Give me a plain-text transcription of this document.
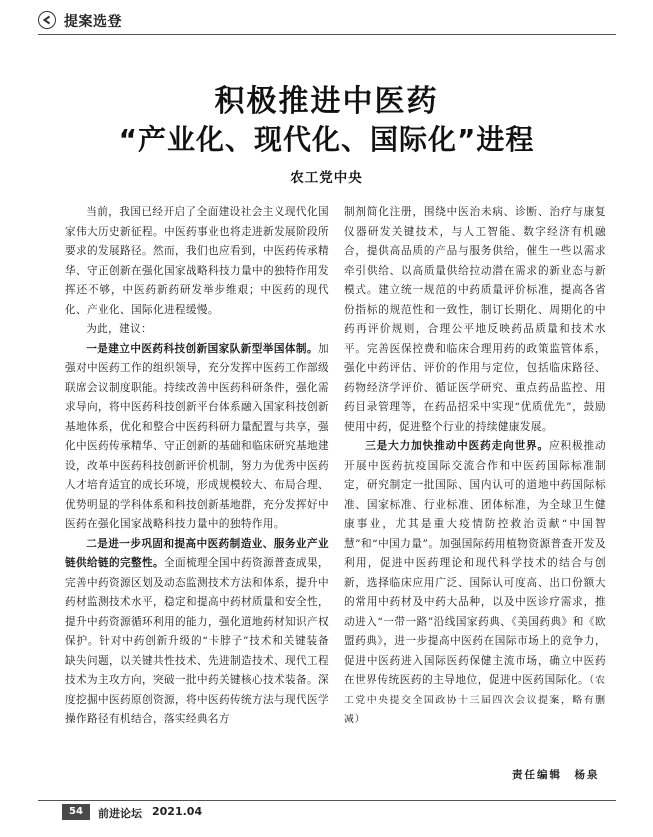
提案选登
积极推进中医药
“产业化、现代化、国际化”进程
农工党中央

当前，我国已经开启了全面建设社会主义现代化国家伟大历史新征程。中医药事业也将走进新发展阶段所要求的发展路径。然而，我们也应看到，中医药传承精华、守正创新在强化国家战略科技力量中的独特作用发挥还不够，中医药新药研发举步维艰；中医药的现代化、产业化、国际化进程缓慢。

为此，建议：

一是建立中医药科技创新国家队新型举国体制。加强对中医药工作的组织领导，充分发挥中医药工作部级联席会议制度职能。持续改善中医药科研条件，强化需求导向，将中医药科技创新平台体系融入国家科技创新基地体系，优化和整合中医药科研力量配置与共享，强化中医药传承精华、守正创新的基础和临床研究基地建设，改革中医药科技创新评价机制，努力为优秀中医药人才培育适宜的成长环境，形成规模较大、布局合理、优势明显的学科体系和科技创新基地群，充分发挥好中医药在强化国家战略科技力量中的独特作用。

二是进一步巩固和提高中医药制造业、服务业产业链供给链的完整性。全面梳理全国中药资源普查成果，完善中药资源区划及动态监测技术方法和体系，提升中药材监测技术水平，稳定和提高中药材质量和安全性，提升中药资源循环利用的能力，强化道地药材知识产权保护。针对中药创新升级的“卡脖子”技术和关键装备缺失问题，以关键共性技术、先进制造技术、现代工程技术为主攻方向，突破一批中药关键核心技术装备。深度挖掘中医药原创资源，将中医药传统方法与现代医学操作路径有机结合，落实经典名方

制剂简化注册，围绕中医治未病、诊断、治疗与康复仪器研发关键技术，与人工智能、数字经济有机融合，提供高品质的产品与服务供给，催生一些以需求牵引供给、以高质量供给拉动潜在需求的新业态与新模式。建立统一规范的中药质量评价标准，提高各省份指标的规范性和一致性，制订长期化、周期化的中药再评价规则，合理公平地反映药品质量和技术水平。完善医保控费和临床合理用药的政策监管体系，强化中药评估、评价的作用与定位，包括临床路径、药物经济学评价、循证医学研究、重点药品监控、用药目录管理等，在药品招采中实现“优质优先”，鼓励使用中药，促进整个行业的持续健康发展。

三是大力加快推动中医药走向世界。应积极推动开展中医药抗疫国际交流合作和中医药国际标准制定，研究制定一批国际、国内认可的道地中药国际标准、国家标准、行业标准、团体标准，为全球卫生健康事业，尤其是重大疫情防控救治贡献“中国智慧”和“中国力量”。加强国际药用植物资源普查开发及利用，促进中医药理论和现代科学技术的结合与创新，选择临床应用广泛、国际认可度高、出口份额大的常用中药材及中药大品种，以及中医诊疗需求，推动进入“一带一路”沿线国家药典、《美国药典》和《欧盟药典》，进一步提高中医药在国际市场上的竞争力，促进中医药进入国际医药保健主流市场，确立中医药在世界传统医药的主导地位，促进中医药国际化。（农工党中央提交全国政协十三届四次会议提案，略有删减）

责任编辑　杨泉
54	前进论坛 2021.04
